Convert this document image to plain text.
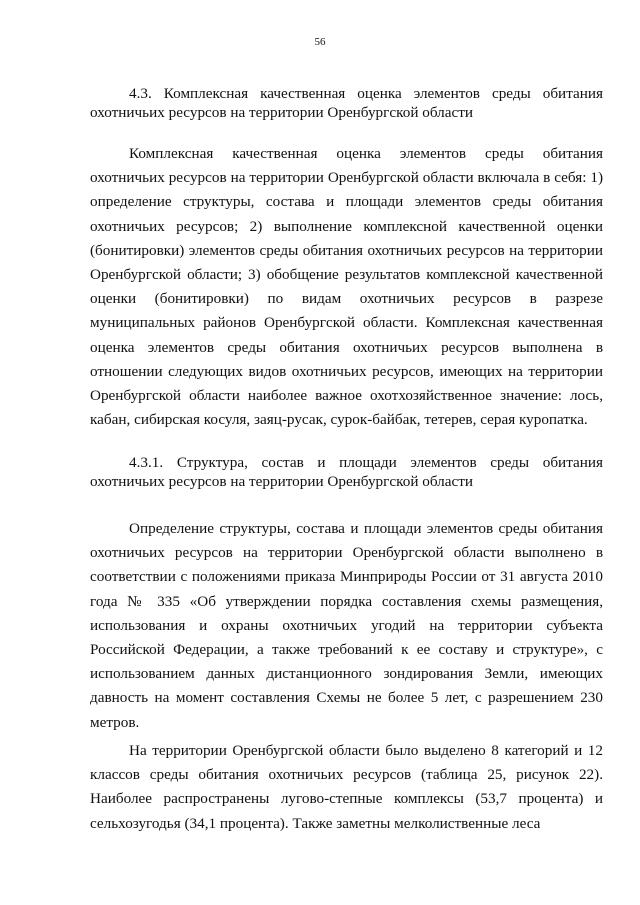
56
4.3. Комплексная качественная оценка элементов среды обитания охотничьих ресурсов на территории Оренбургской области

Комплексная качественная оценка элементов среды обитания охотничьих ресурсов на территории Оренбургской области включала в себя: 1) определение структуры, состава и площади элементов среды обитания охотничьих ресурсов; 2) выполнение комплексной качественной оценки (бонитировки) элементов среды обитания охотничьих ресурсов на территории Оренбургской области; 3) обобщение результатов комплексной качественной оценки (бонитировки) по видам охотничьих ресурсов в разрезе муниципальных районов Оренбургской области. Комплексная качественная оценка элементов среды обитания охотничьих ресурсов выполнена в отношении следующих видов охотничьих ресурсов, имеющих на территории Оренбургской области наиболее важное охотхозяйственное значение: лось, кабан, сибирская косуля, заяц-русак, сурок-байбак, тетерев, серая куропатка.

4.3.1. Структура, состав и площади элементов среды обитания охотничьих ресурсов на территории Оренбургской области

Определение структуры, состава и площади элементов среды обитания охотничьих ресурсов на территории Оренбургской области выполнено в соответствии с положениями приказа Минприроды России от 31 августа 2010 года № 335 «Об утверждении порядка составления схемы размещения, использования и охраны охотничьих угодий на территории субъекта Российской Федерации, а также требований к ее составу и структуре», с использованием данных дистанционного зондирования Земли, имеющих давность на момент составления Схемы не более 5 лет, с разрешением 230 метров.

На территории Оренбургской области было выделено 8 категорий и 12 классов среды обитания охотничьих ресурсов (таблица 25, рисунок 22). Наиболее распространены лугово-степные комплексы (53,7 процента) и сельхозугодья (34,1 процента). Также заметны мелколиственные леса
